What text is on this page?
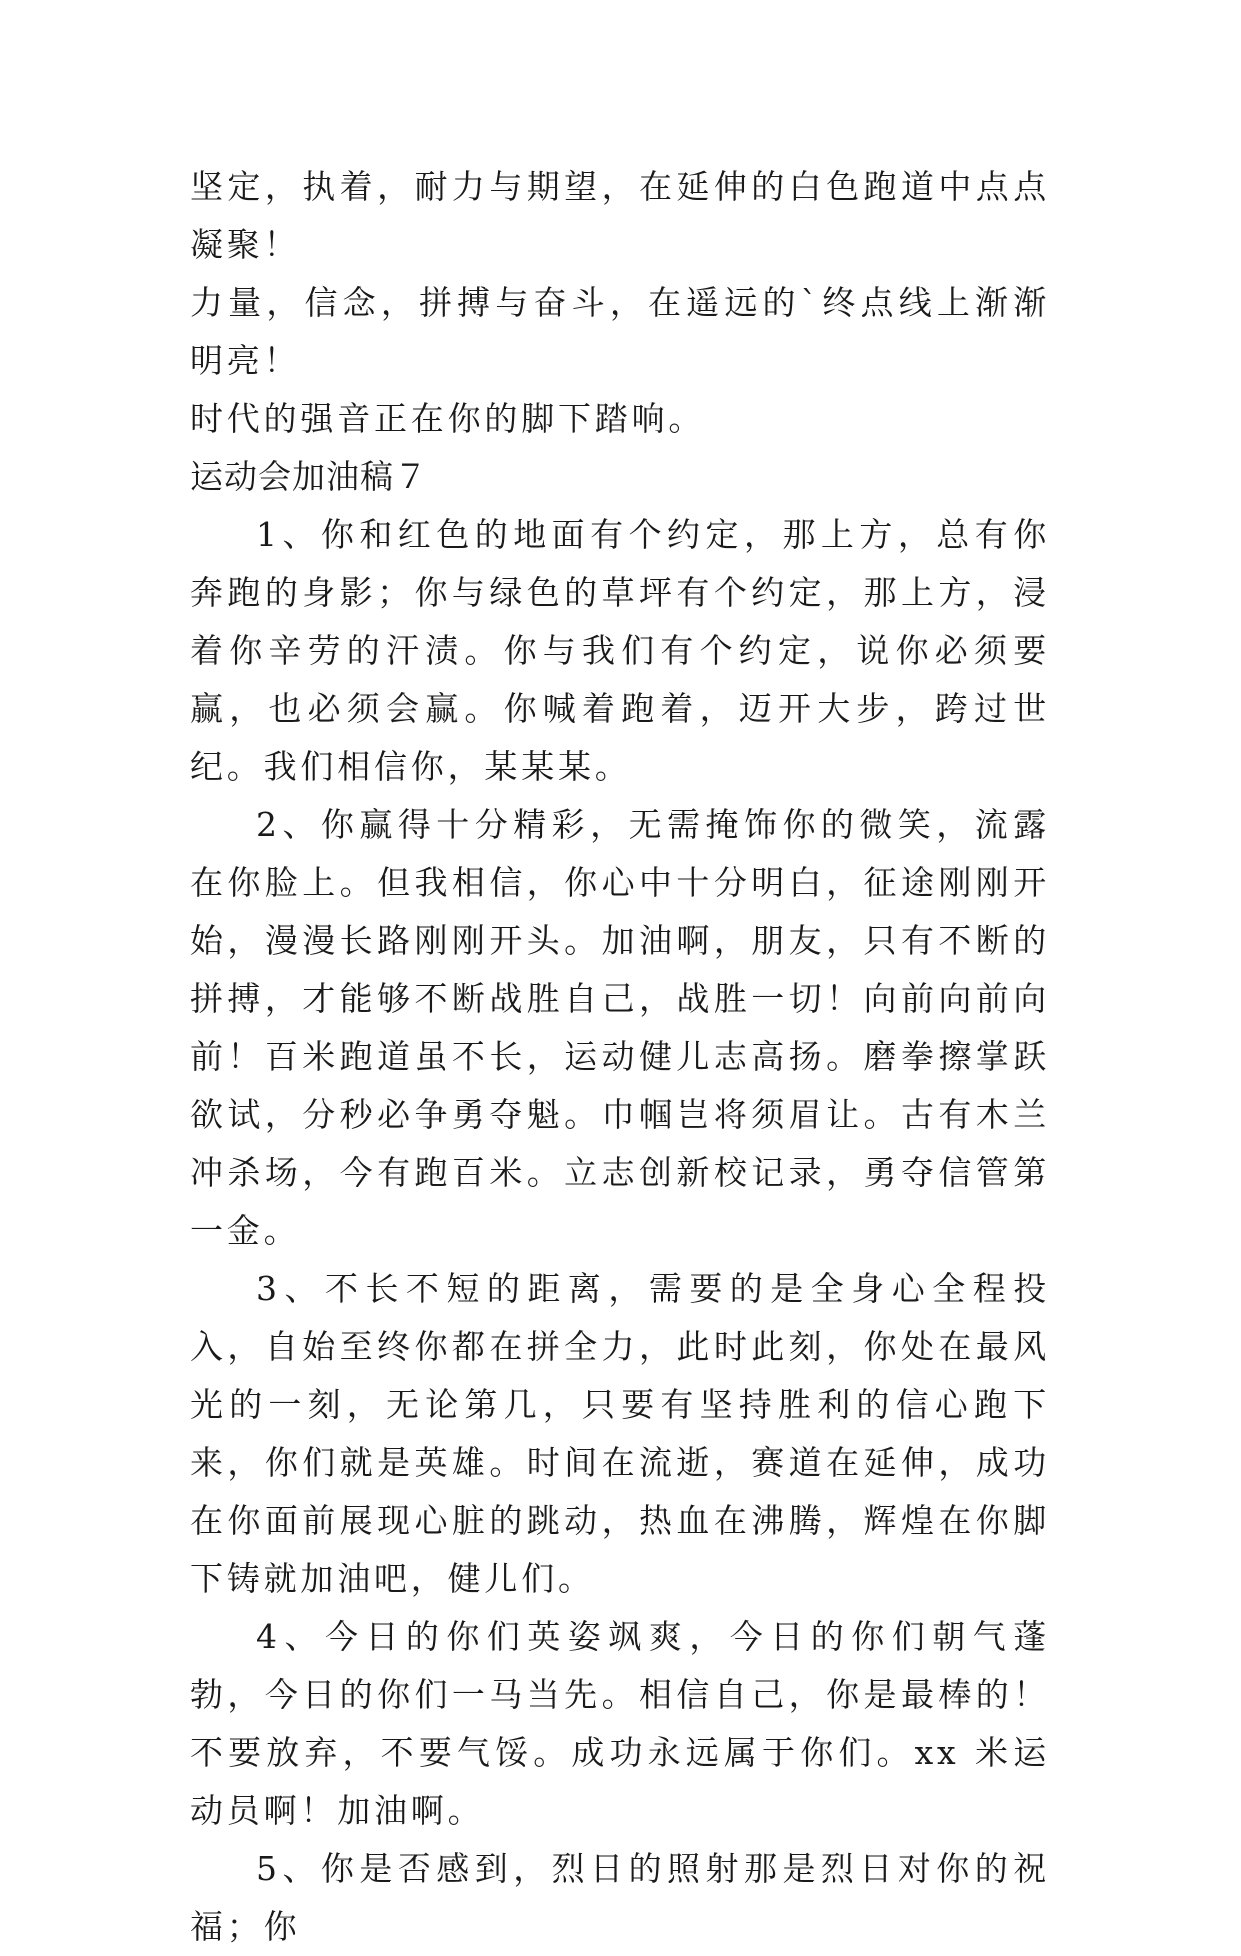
坚定，执着，耐力与期望，在延伸的白色跑道中点点凝聚！

力量，信念，拼搏与奋斗，在遥远的`终点线上渐渐明亮！

时代的强音正在你的脚下踏响。

运动会加油稿７

1、你和红色的地面有个约定，那上方，总有你奔跑的身影；你与绿色的草坪有个约定，那上方，浸着你辛劳的汗渍。你与我们有个约定，说你必须要赢，也必须会赢。你喊着跑着，迈开大步，跨过世纪。我们相信你，某某某。

2、你赢得十分精彩，无需掩饰你的微笑，流露在你脸上。但我相信，你心中十分明白，征途刚刚开始，漫漫长路刚刚开头。加油啊，朋友，只有不断的拼搏，才能够不断战胜自己，战胜一切！向前向前向前！百米跑道虽不长，运动健儿志高扬。磨拳擦掌跃欲试，分秒必争勇夺魁。巾帼岂将须眉让。古有木兰冲杀场，今有跑百米。立志创新校记录，勇夺信管第一金。

3、不长不短的距离，需要的是全身心全程投入，自始至终你都在拼全力，此时此刻，你处在最风光的一刻，无论第几，只要有坚持胜利的信心跑下来，你们就是英雄。时间在流逝，赛道在延伸，成功在你面前展现心脏的跳动，热血在沸腾，辉煌在你脚下铸就加油吧，健儿们。

4、今日的你们英姿飒爽，今日的你们朝气蓬勃，今日的你们一马当先。相信自己，你是最棒的！不要放弃，不要气馁。成功永远属于你们。xx 米运动员啊！加油啊。

5、你是否感到，烈日的照射那是烈日对你的祝福；你
